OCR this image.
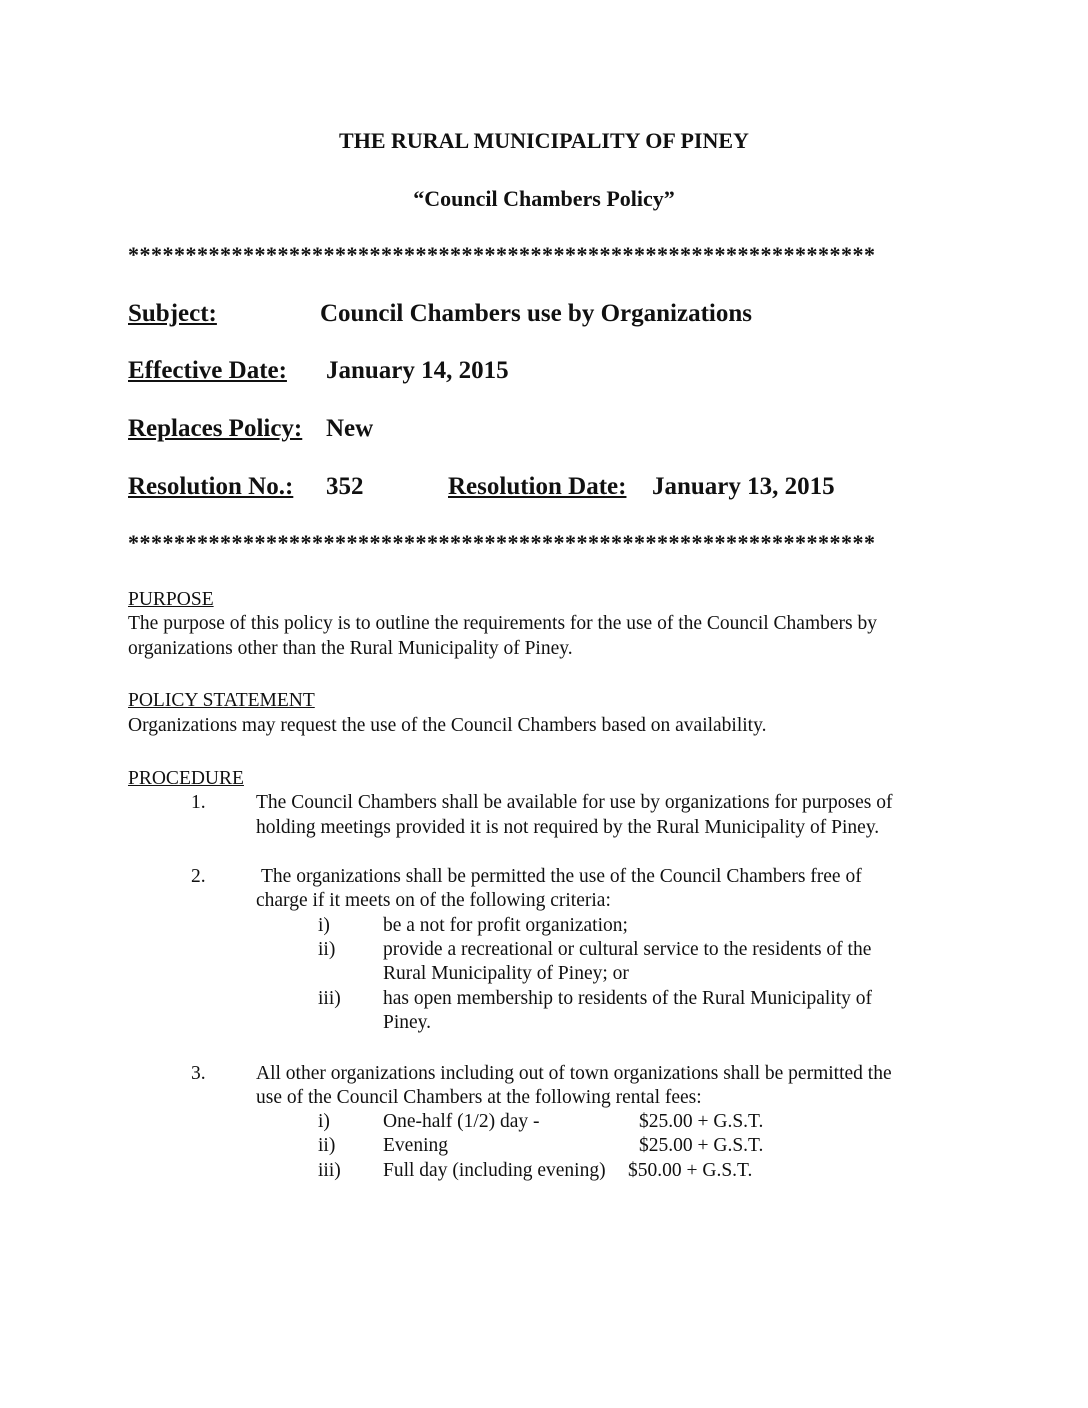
THE RURAL MUNICIPALITY OF PINEY
“Council Chambers Policy”
*****************************************************************
Subject:	Council Chambers use by Organizations
Effective Date: January 14, 2015
Replaces Policy: New
Resolution No.: 352	Resolution Date: January 13, 2015
*****************************************************************
PURPOSE
The purpose of this policy is to outline the requirements for the use of the Council Chambers by
organizations other than the Rural Municipality of Piney.
POLICY STATEMENT
Organizations may request the use of the Council Chambers based on availability.
PROCEDURE
1.	The Council Chambers shall be available for use by organizations for purposes of
holding meetings provided it is not required by the Rural Municipality of Piney.
2.	The organizations shall be permitted the use of the Council Chambers free of
charge if it meets on of the following criteria:
i)	be a not for profit organization;
ii) provide a recreational or cultural service to the residents of the
Rural Municipality of Piney; or
iii) has open membership to residents of the Rural Municipality of
Piney.
3.	All other organizations including out of town organizations shall be permitted the
use of the Council Chambers at the following rental fees:
i)	One-half (1/2) day -	$25.00 + G.S.T.
ii) Evening	$25.00 + G.S.T.
iii) Full day (including evening) $50.00 + G.S.T.
